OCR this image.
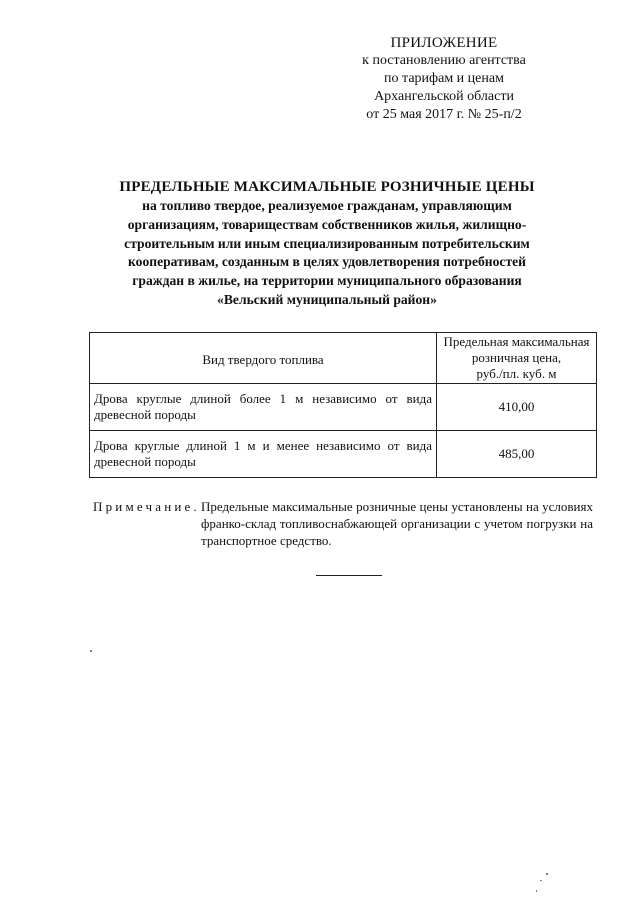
ПРИЛОЖЕНИЕ
к постановлению агентства
по тарифам и ценам
Архангельской области
от 25 мая 2017 г. № 25-п/2
ПРЕДЕЛЬНЫЕ МАКСИМАЛЬНЫЕ РОЗНИЧНЫЕ ЦЕНЫ
на топливо твердое, реализуемое гражданам, управляющим
организациям, товариществам собственников жилья, жилищно-
строительным или иным специализированным потребительским
кооперативам, созданным в целях удовлетворения потребностей
граждан в жилье, на территории муниципального образования
«Вельский муниципальный район»
Вид твердого топлива	Предельная максимальная
розничная цена,
руб./пл. куб. м

Дрова круглые длиной более 1 м независимо от вида древесной породы	410,00
Дрова круглые длиной 1 м и менее независимо от вида древесной породы	485,00
Примечание. Предельные максимальные розничные цены установлены на условиях франко-склад топливоснабжающей организации с учетом погрузки на транспортное средство.
